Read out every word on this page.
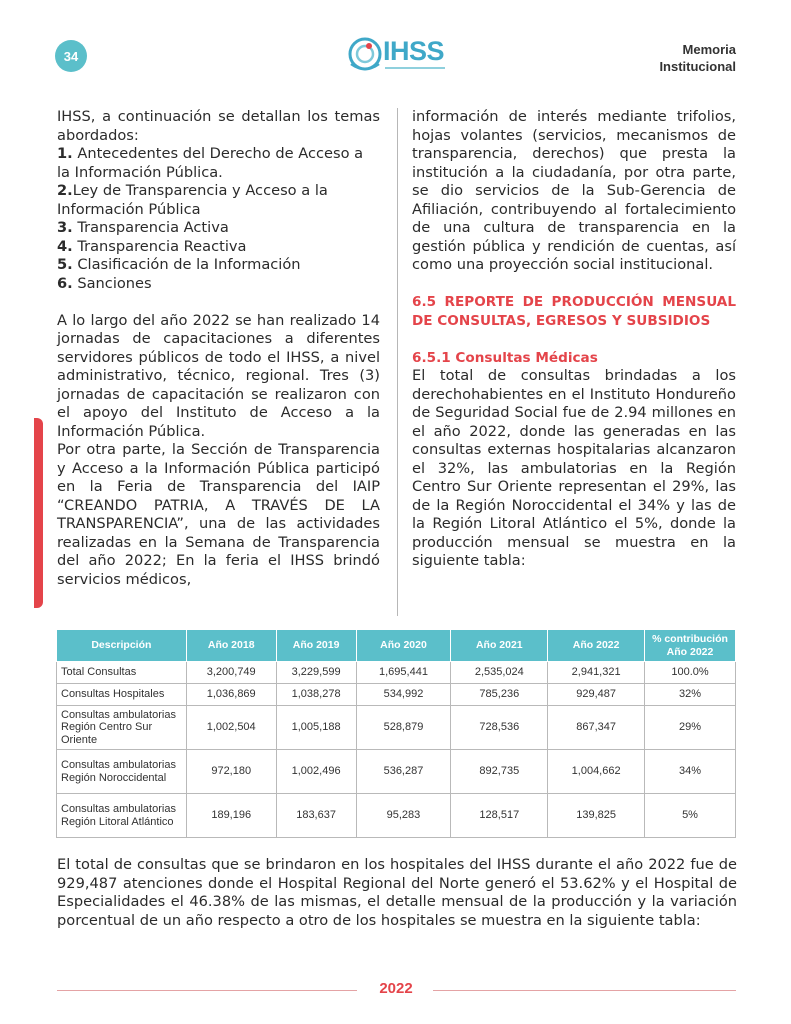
34	IHSS	Memoria
Institucional

IHSS, a continuación se detallan los temas abordados:

1. Antecedentes del Derecho de Acceso a la Información Pública.
2.Ley de Transparencia y Acceso a la Información Pública
3. Transparencia Activa
4. Transparencia Reactiva
5. Clasificación de la Información
6. Sanciones

A lo largo del año 2022 se han realizado 14 jornadas de capacitaciones a diferentes servidores públicos de todo el IHSS, a nivel administrativo, técnico, regional. Tres (3) jornadas de capacitación se realizaron con el apoyo del Instituto de Acceso a la Información Pública.

Por otra parte, la Sección de Transparencia y Acceso a la Información Pública participó en la Feria de Transparencia del IAIP “CREANDO PATRIA, A TRAVÉS DE LA TRANSPARENCIA”, una de las actividades realizadas en la Semana de Transparencia del año 2022; En la feria el IHSS brindó servicios médicos,

información de interés mediante trifolios, hojas volantes (servicios, mecanismos de transparencia, derechos) que presta la institución a la ciudadanía, por otra parte, se dio servicios de la Sub-Gerencia de Afiliación, contribuyendo al fortalecimiento de una cultura de transparencia en la gestión pública y rendición de cuentas, así como una proyección social institucional.

6.5 REPORTE DE PRODUCCIÓN MENSUAL DE CONSULTAS, EGRESOS Y SUBSIDIOS

6.5.1 Consultas Médicas

El total de consultas brindadas a los derechohabientes en el Instituto Hondureño de Seguridad Social fue de 2.94 millones en el año 2022, donde las generadas en las consultas externas hospitalarias alcanzaron el 32%, las ambulatorias en la Región Centro Sur Oriente representan el 29%, las de la Región Noroccidental el 34% y las de la Región Litoral Atlántico el 5%, donde la producción mensual se muestra en la siguiente tabla:

Descripción	Año 2018	Año 2019	Año 2020	Año 2021	Año 2022	% contribución Año 2022
Total Consultas	3,200,749	3,229,599	1,695,441	2,535,024	2,941,321	100.0%
Consultas Hospitales	1,036,869	1,038,278	534,992	785,236	929,487	32%
Consultas ambulatorias Región Centro Sur Oriente	1,002,504	1,005,188	528,879	728,536	867,347	29%
Consultas ambulatorias Región Noroccidental	972,180	1,002,496	536,287	892,735	1,004,662	34%
Consultas ambulatorias Región Litoral Atlántico	189,196	183,637	95,283	128,517	139,825	5%

El total de consultas que se brindaron en los hospitales del IHSS durante el año 2022 fue de 929,487 atenciones donde el Hospital Regional del Norte generó el 53.62% y el Hospital de Especialidades el 46.38% de las mismas, el detalle mensual de la producción y la variación porcentual de un año respecto a otro de los hospitales se muestra en la siguiente tabla:

2022
